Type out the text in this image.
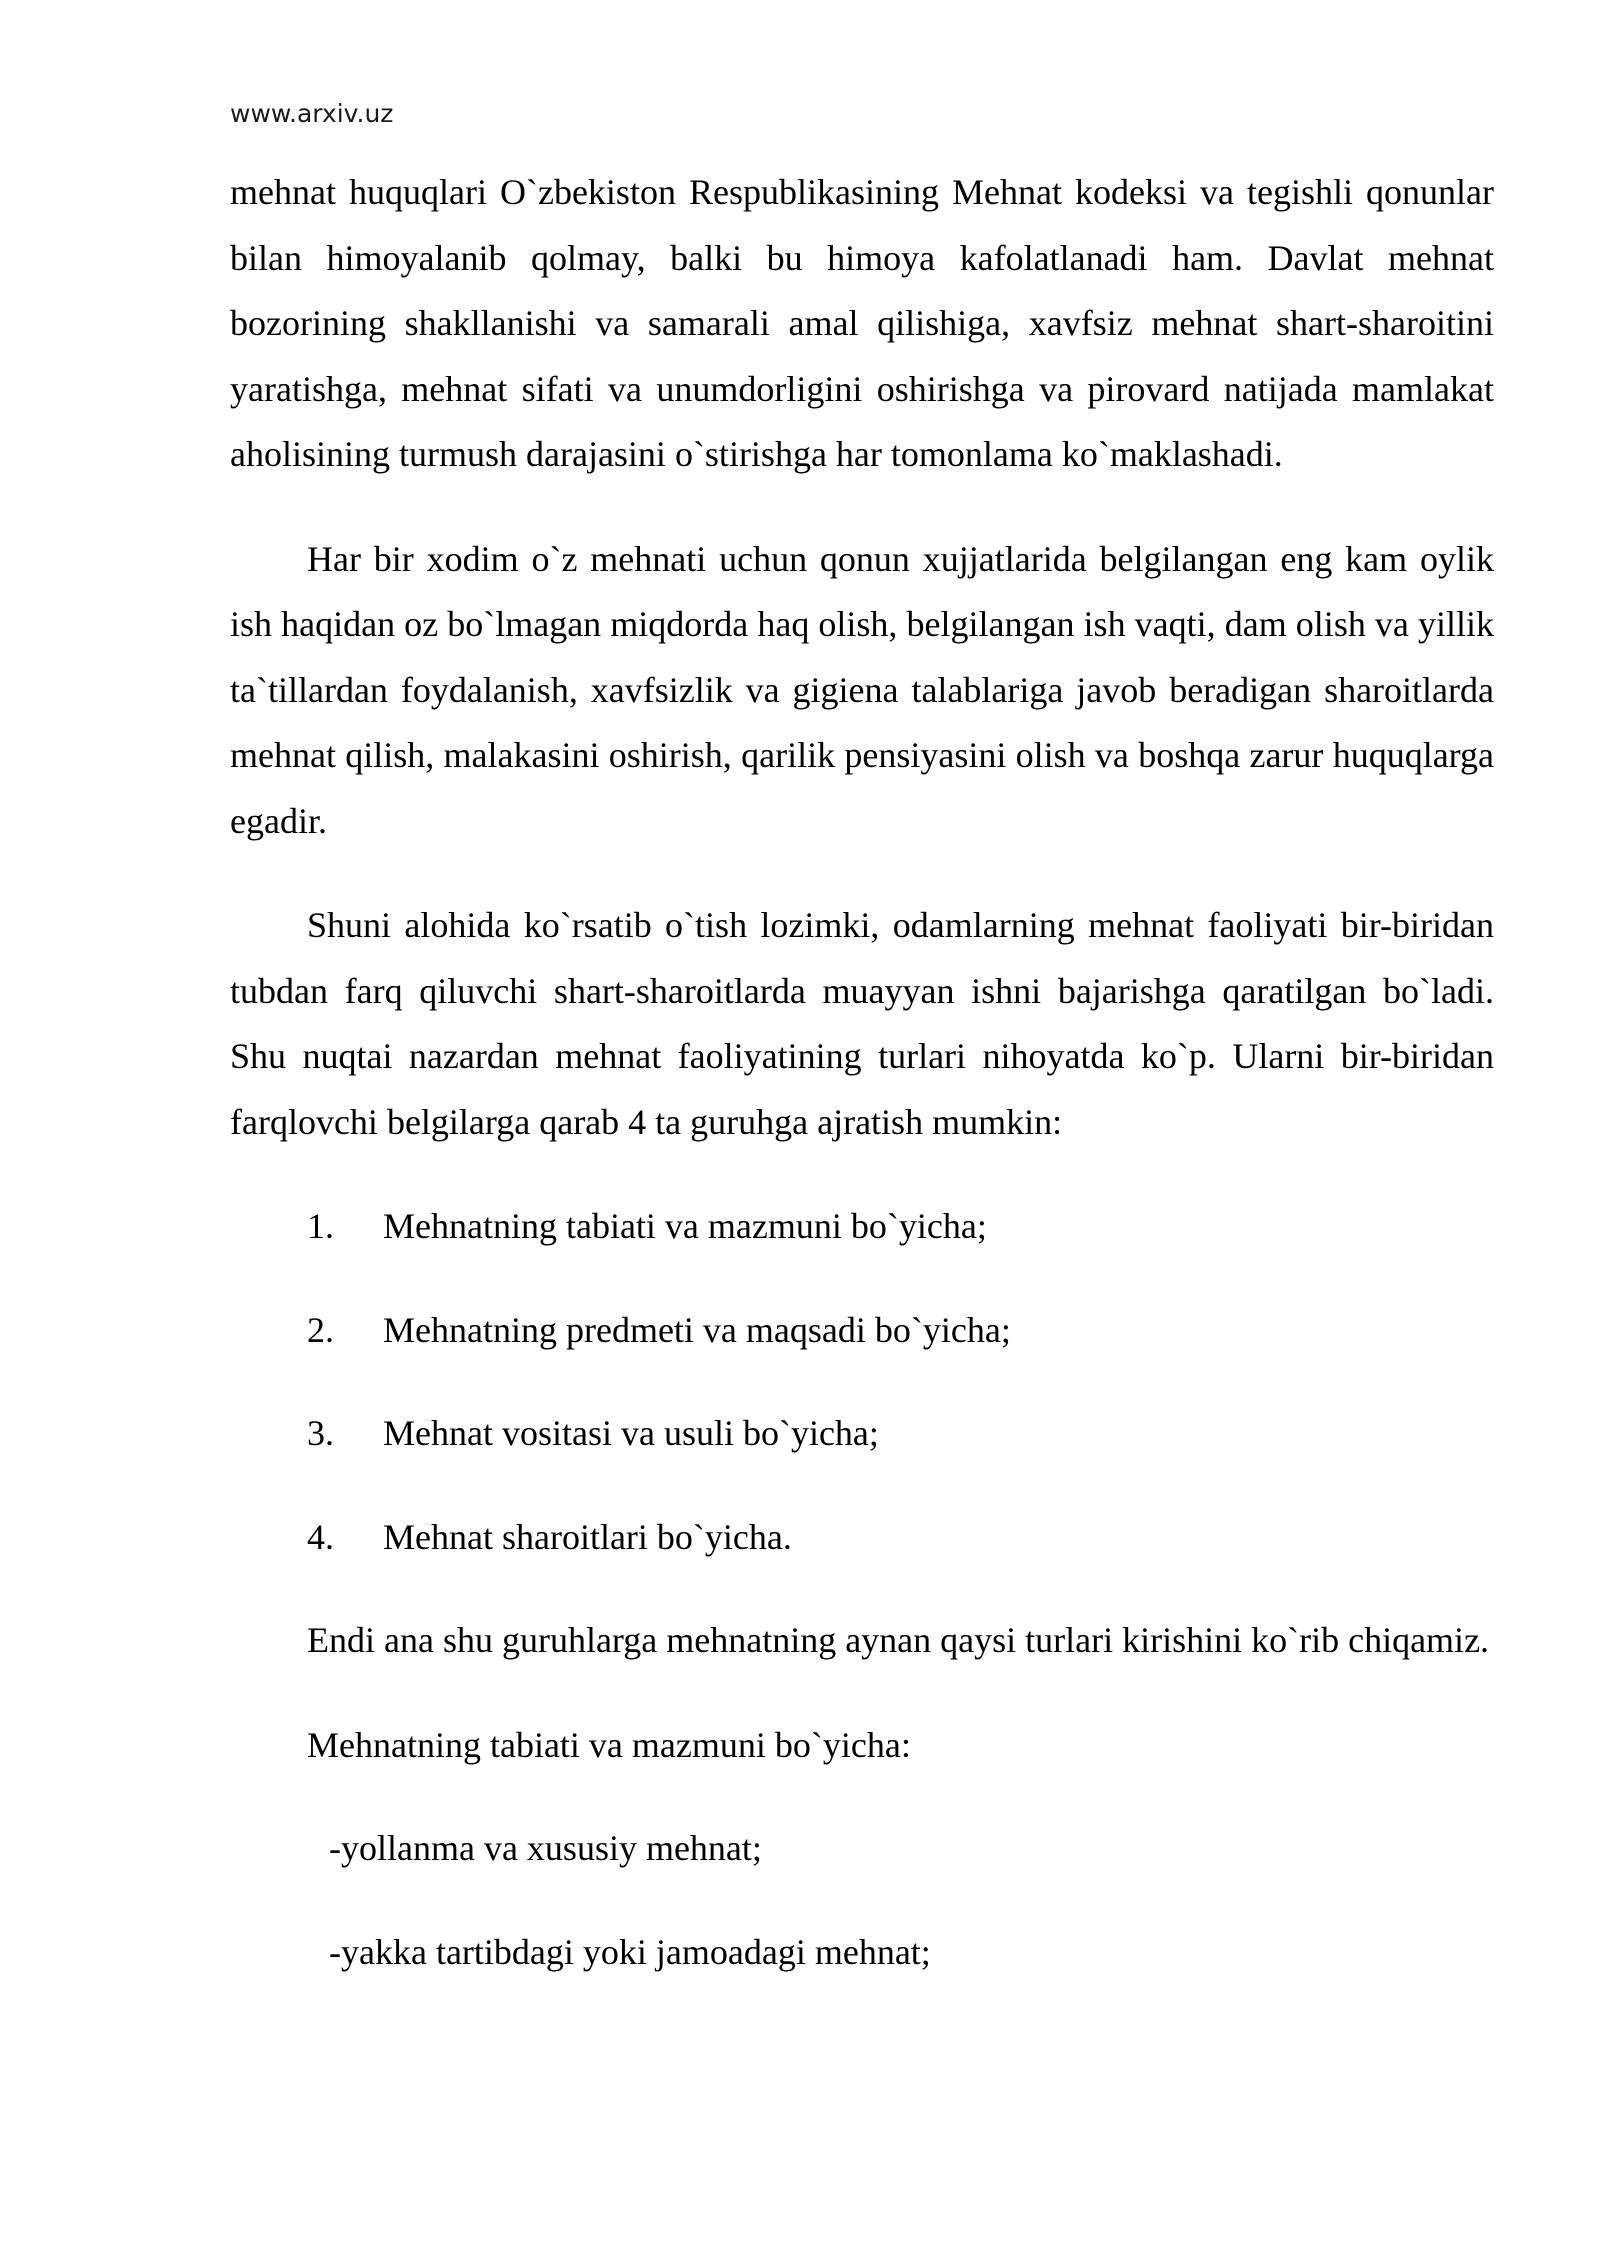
www.arxiv.uz

mehnat huquqlari O`zbekiston Respublikasining Mehnat kodeksi va tegishli qonunlar bilan himoyalanib qolmay, balki bu himoya kafolatlanadi ham. Davlat mehnat bozorining shakllanishi va samarali amal qilishiga, xavfsiz mehnat shart-sharoitini yaratishga, mehnat sifati va unumdorligini oshirishga va pirovard natijada mamlakat aholisining turmush darajasini o`stirishga har tomonlama ko`maklashadi.

Har bir xodim o`z mehnati uchun qonun xujjatlarida belgilangan eng kam oylik ish haqidan oz bo`lmagan miqdorda haq olish, belgilangan ish vaqti, dam olish va yillik ta`tillardan foydalanish, xavfsizlik va gigiena talablariga javob beradigan sharoitlarda mehnat qilish, malakasini oshirish, qarilik pensiyasini olish va boshqa zarur huquqlarga egadir.

Shuni alohida ko`rsatib o`tish lozimki, odamlarning mehnat faoliyati bir-biridan tubdan farq qiluvchi shart-sharoitlarda muayyan ishni bajarishga qaratilgan bo`ladi. Shu nuqtai nazardan mehnat faoliyatining turlari nihoyatda ko`p. Ularni bir-biridan farqlovchi belgilarga qarab 4 ta guruhga ajratish mumkin:

1. Mehnatning tabiati va mazmuni bo`yicha;
2. Mehnatning predmeti va maqsadi bo`yicha;
3. Mehnat vositasi va usuli bo`yicha;
4. Mehnat sharoitlari bo`yicha.

Endi ana shu guruhlarga mehnatning aynan qaysi turlari kirishini ko`rib chiqamiz.

Mehnatning tabiati va mazmuni bo`yicha:

-yollanma va xususiy mehnat;

-yakka tartibdagi yoki jamoadagi mehnat;
